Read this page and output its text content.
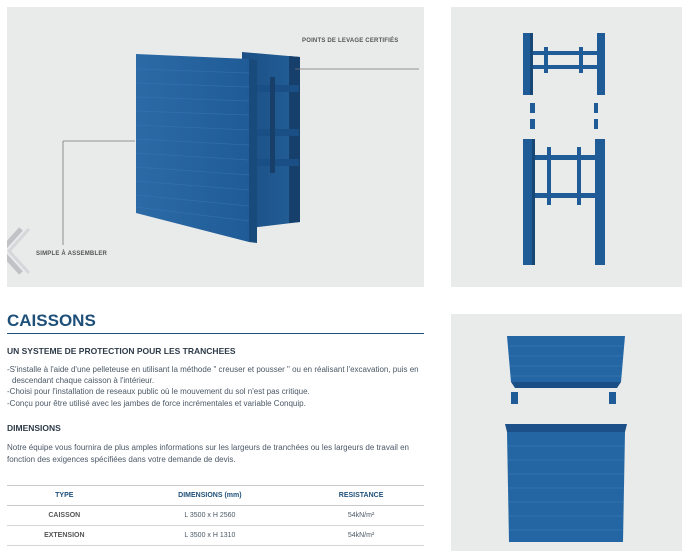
POINTS DE LEVAGE CERTIFIÉS
SIMPLE À ASSEMBLER
CAISSONS
UN SYSTEME DE PROTECTION POUR LES TRANCHEES
-S'installe à l'aide d'une pelleteuse en utilisant la méthode " creuser et pousser " ou en réalisant l'excavation, puis en descendant chaque caisson à l'intérieur.
-Choisi pour l'installation de reseaux public où le mouvement du sol n'est pas critique.
-Conçu pour être utilisé avec les jambes de force incrémentales et variable Conquip.
DIMENSIONS

Notre équipe vous fournira de plus amples informations sur les largeurs de tranchées ou les largeurs de travail en fonction des exigences spécifiées dans votre demande de devis.

TYPE	DIMENSIONS (mm)	RESISTANCE
CAISSON	L 3500 x H 2560	54kN/m²
EXTENSION	L 3500 x H 1310	54kN/m²
